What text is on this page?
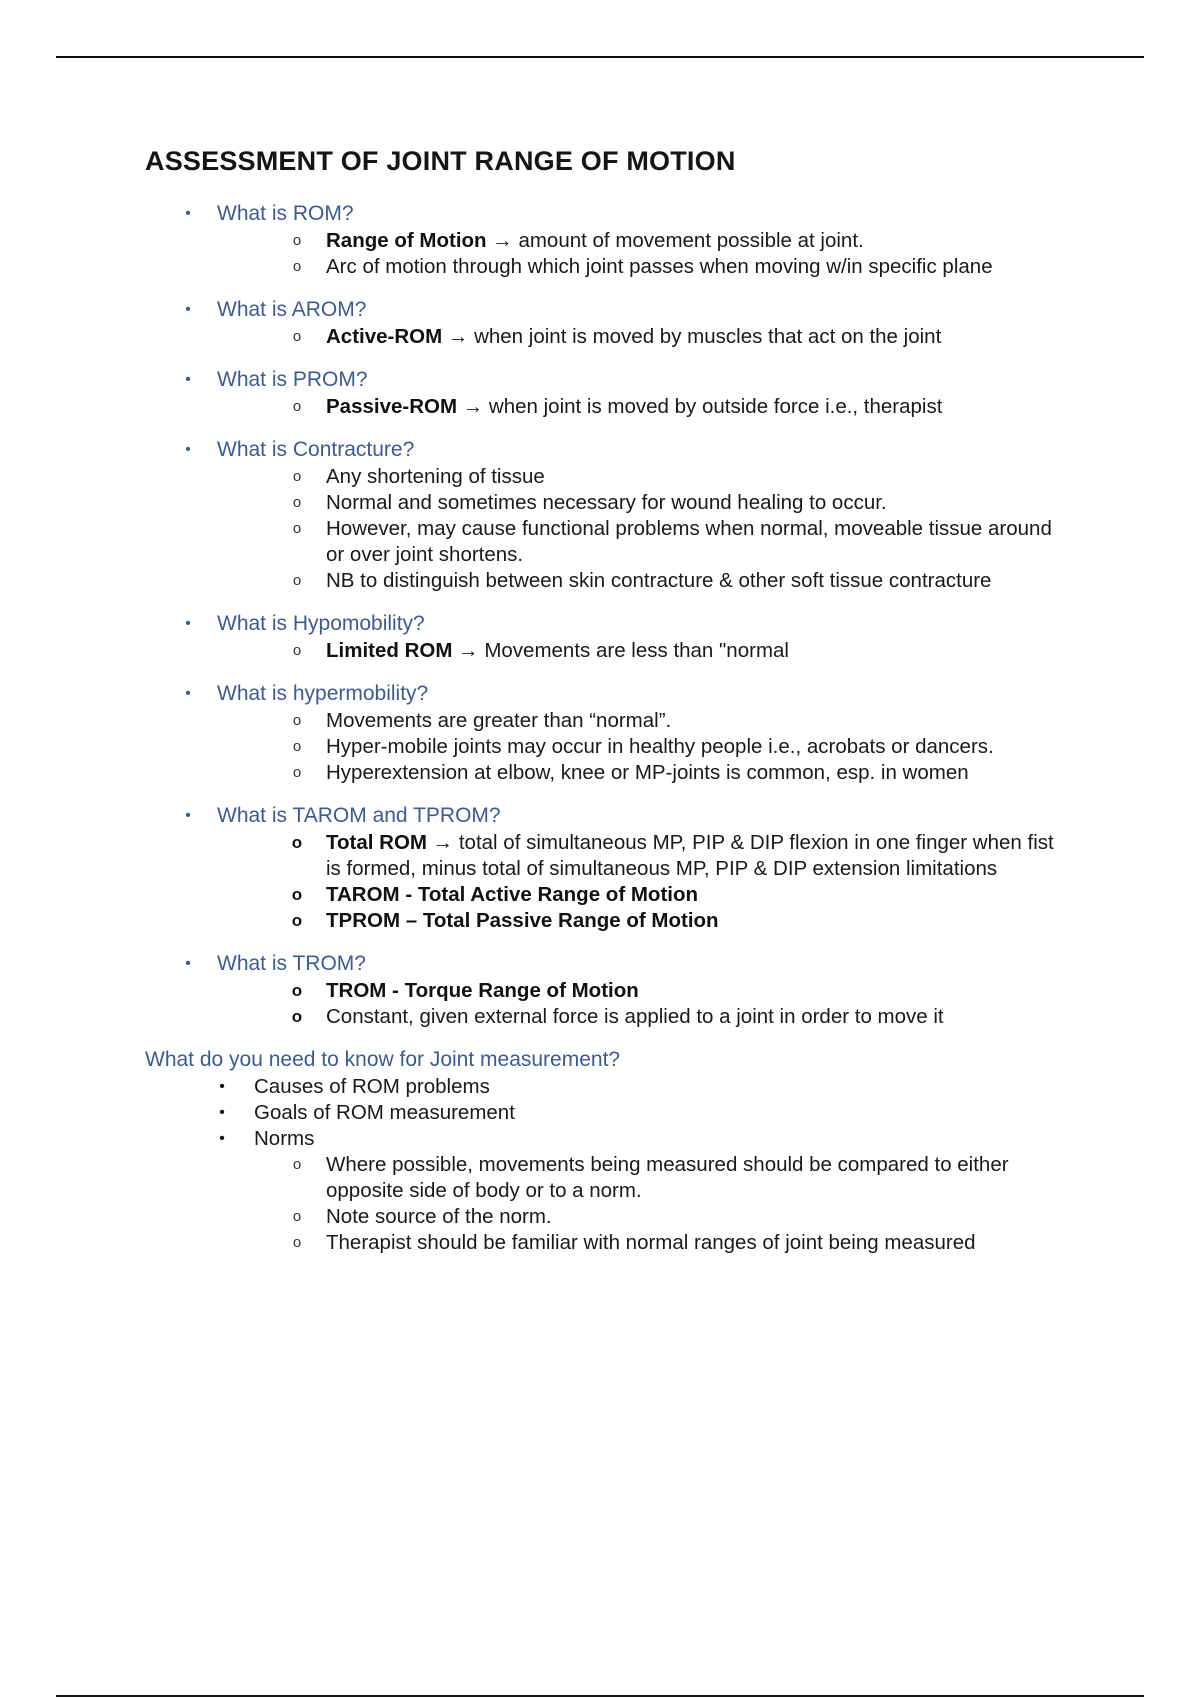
ASSESSMENT OF JOINT RANGE OF MOTION
• What is ROM?
o Range of Motion → amount of movement possible at joint.
o Arc of motion through which joint passes when moving w/in specific plane
• What is AROM?
o Active-ROM → when joint is moved by muscles that act on the joint
• What is PROM?
o Passive-ROM → when joint is moved by outside force i.e., therapist
• What is Contracture?
o Any shortening of tissue
o Normal and sometimes necessary for wound healing to occur.
o However, may cause functional problems when normal, moveable tissue around or over joint shortens.
o NB to distinguish between skin contracture & other soft tissue contracture
• What is Hypomobility?
o Limited ROM → Movements are less than "normal
• What is hypermobility?
o Movements are greater than “normal”.
o Hyper-mobile joints may occur in healthy people i.e., acrobats or dancers.
o Hyperextension at elbow, knee or MP-joints is common, esp. in women
• What is TAROM and TPROM?
o Total ROM → total of simultaneous MP, PIP & DIP flexion in one finger when fist is formed, minus total of simultaneous MP, PIP & DIP extension limitations
o TAROM - Total Active Range of Motion
o TPROM – Total Passive Range of Motion
• What is TROM?
o TROM - Torque Range of Motion
o Constant, given external force is applied to a joint in order to move it
What do you need to know for Joint measurement?
• Causes of ROM problems
• Goals of ROM measurement
• Norms
o Where possible, movements being measured should be compared to either opposite side of body or to a norm.
o Note source of the norm.
o Therapist should be familiar with normal ranges of joint being measured
